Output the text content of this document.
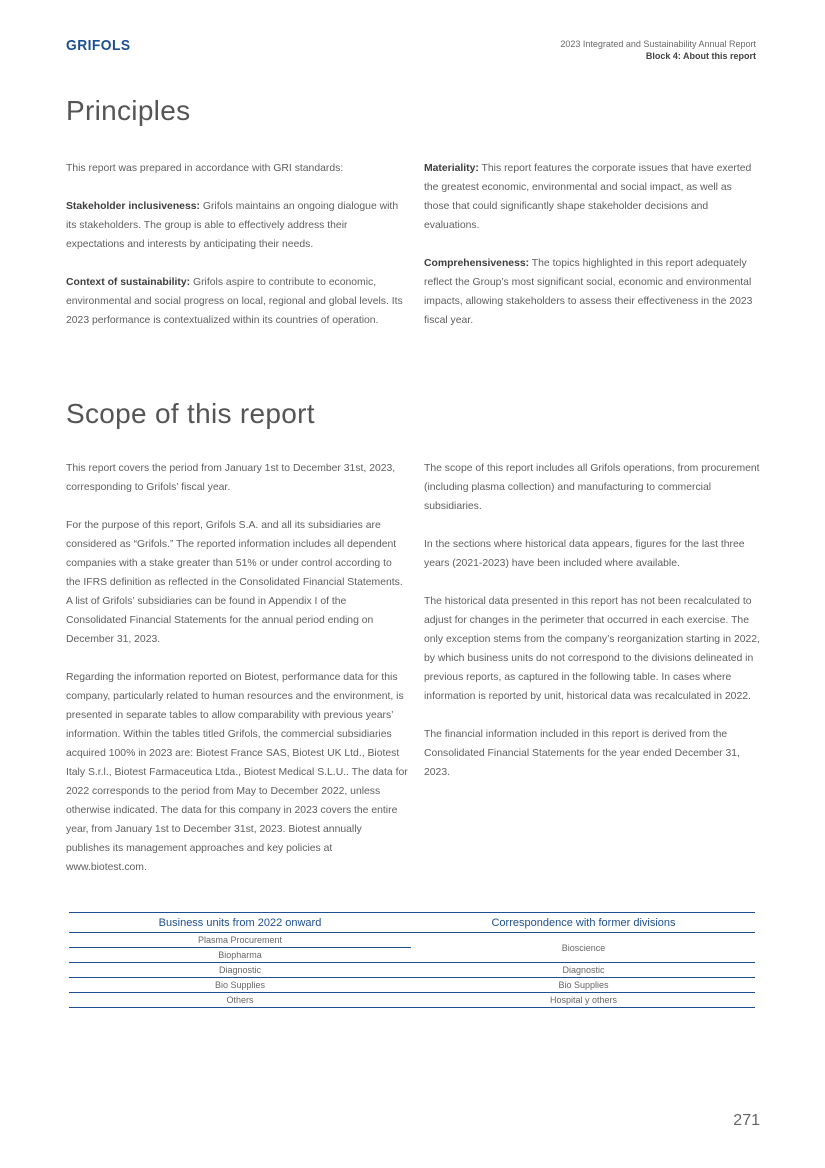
GRIFOLS	2023 Integrated and Sustainability Annual Report
Block 4: About this report
Principles

This report was prepared in accordance with GRI standards:

Stakeholder inclusiveness: Grifols maintains an ongoing dialogue with its stakeholders. The group is able to effectively address their expectations and interests by anticipating their needs.

Context of sustainability: Grifols aspire to contribute to economic, environmental and social progress on local, regional and global levels. Its 2023 performance is contextualized within its countries of operation.

Materiality: This report features the corporate issues that have exerted the greatest economic, environmental and social impact, as well as those that could significantly shape stakeholder decisions and evaluations.

Comprehensiveness: The topics highlighted in this report adequately reflect the Group’s most significant social, economic and environmental impacts, allowing stakeholders to assess their effectiveness in the 2023 fiscal year.

Scope of this report

This report covers the period from January 1st to December 31st, 2023, corresponding to Grifols’ fiscal year.

For the purpose of this report, Grifols S.A. and all its subsidiaries are considered as “Grifols.” The reported information includes all dependent companies with a stake greater than 51% or under control according to the IFRS definition as reflected in the Consolidated Financial Statements. A list of Grifols’ subsidiaries can be found in Appendix I of the Consolidated Financial Statements for the annual period ending on December 31, 2023.

Regarding the information reported on Biotest, performance data for this company, particularly related to human resources and the environment, is presented in separate tables to allow comparability with previous years’ information. Within the tables titled Grifols, the commercial subsidiaries acquired 100% in 2023 are: Biotest France SAS, Biotest UK Ltd., Biotest Italy S.r.l., Biotest Farmaceutica Ltda., Biotest Medical S.L.U.. The data for 2022 corresponds to the period from May to December 2022, unless otherwise indicated. The data for this company in 2023 covers the entire year, from January 1st to December 31st, 2023. Biotest annually publishes its management approaches and key policies at www.biotest.com.

The scope of this report includes all Grifols operations, from procurement (including plasma collection) and manufacturing to commercial subsidiaries.

In the sections where historical data appears, figures for the last three years (2021-2023) have been included where available.

The historical data presented in this report has not been recalculated to adjust for changes in the perimeter that occurred in each exercise. The only exception stems from the company’s reorganization starting in 2022, by which business units do not correspond to the divisions delineated in previous reports, as captured in the following table. In cases where information is reported by unit, historical data was recalculated in 2022.

The financial information included in this report is derived from the Consolidated Financial Statements for the year ended December 31, 2023.

Business units from 2022 onward		Correspondence with former divisions
Plasma Procurement		Bioscience
Biopharma	
Diagnostic		Diagnostic
Bio Supplies		Bio Supplies
Others		Hospital y others
271
